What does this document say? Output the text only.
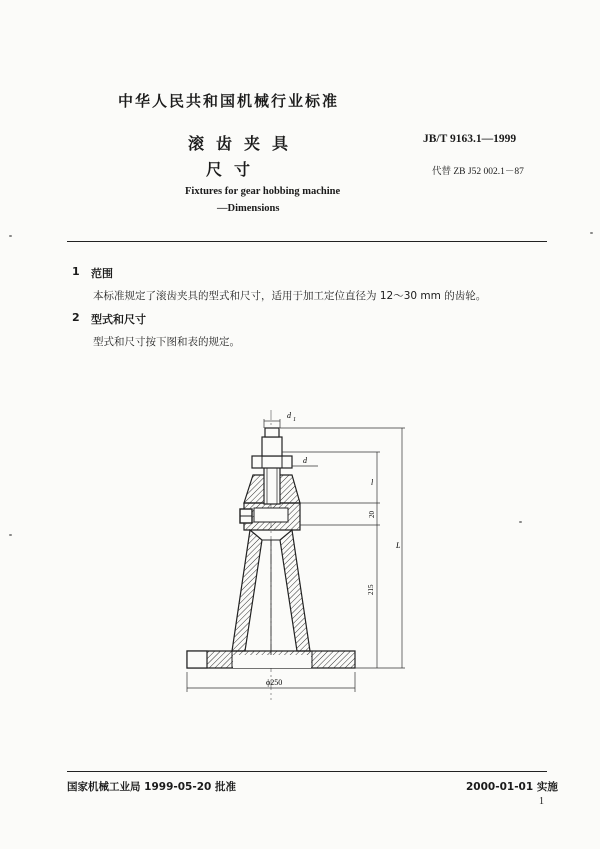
中华人民共和国机械行业标准
滚齿夹具
尺寸
JB/T 9163.1—1999
代替 ZB J52 002.1－87
Fixtures for gear hobbing machine
—Dimensions
1 范围
本标准规定了滚齿夹具的型式和尺寸，适用于加工定位直径为 12～30 mm 的齿轮。
2 型式和尺寸
型式和尺寸按下图和表的规定。
d 1
d
l
L
20
215
ϕ250
国家机械工业局 1999-05-20 批准	2000-01-01 实施
1
